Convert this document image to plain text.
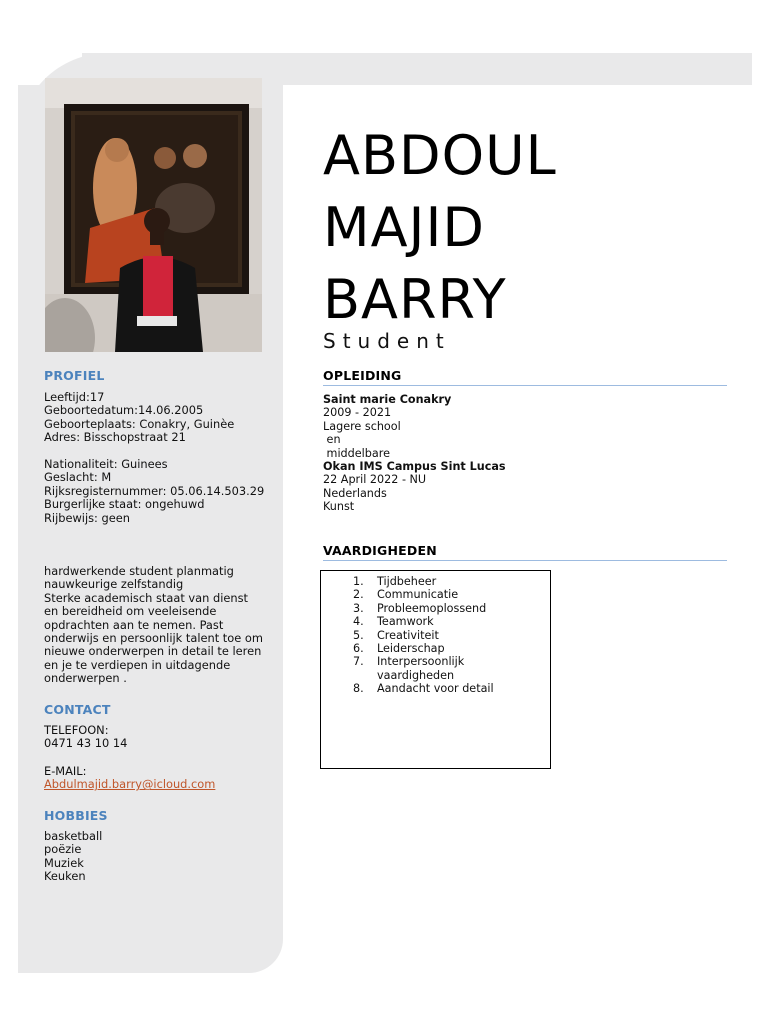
PROFIEL
Leeftijd:17
Geboortedatum:14.06.2005
Geboorteplaats: Conakry, Guinèe
Adres: Bisschopstraat 21
Nationaliteit: Guinees
Geslacht: M
Rijksregisternummer: 05.06.14.503.29
Burgerlijke staat: ongehuwd
Rijbewijs: geen
hardwerkende student planmatig
nauwkeurige zelfstandig
Sterke academisch staat van dienst
en bereidheid om veeleisende
opdrachten aan te nemen. Past
onderwijs en persoonlijk talent toe om
nieuwe onderwerpen in detail te leren
en je te verdiepen in uitdagende
onderwerpen .
CONTACT
TELEFOON:
0471 43 10 14
E-MAIL:
Abdulmajid.barry@icloud.com
HOBBIES
basketball
poëzie
Muziek
Keuken
ABDOUL
MAJID
BARRY
Student
OPLEIDING
Saint marie Conakry
2009 - 2021
Lagere school
en
middelbare
Okan IMS Campus Sint Lucas
22 April 2022 - NU
Nederlands
Kunst
VAARDIGHEDEN
1. Tijdbeheer
2. Communicatie
3. Probleemoplossend
4. Teamwork
5. Creativiteit
6. Leiderschap
7. Interpersoonlijk vaardigheden
8. Aandacht voor detail
